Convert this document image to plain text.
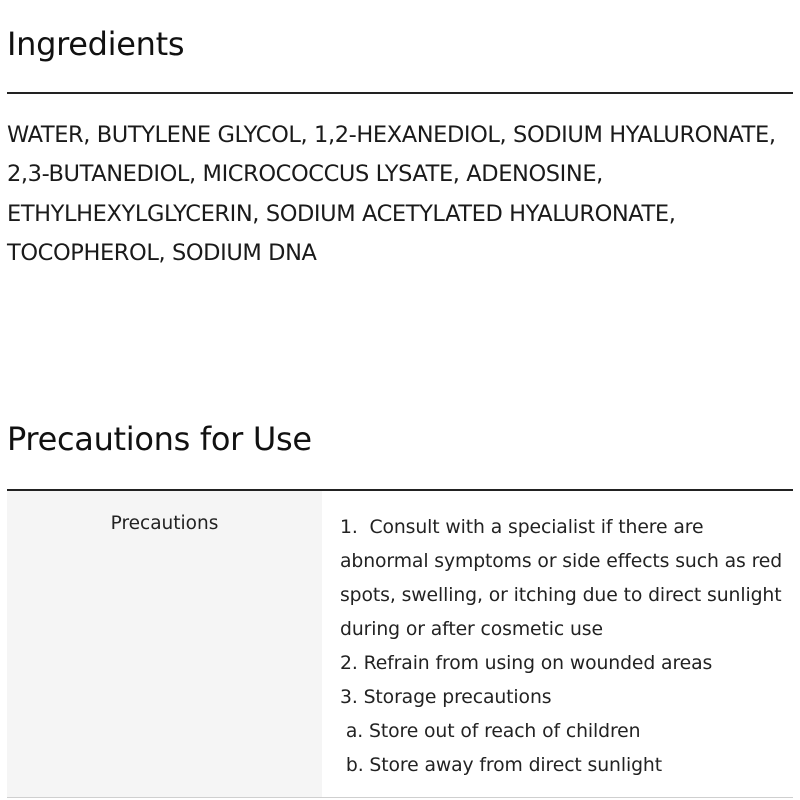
Ingredients

WATER, BUTYLENE GLYCOL, 1,2-HEXANEDIOL, SODIUM HYALURONATE, 2,3-BUTANEDIOL, MICROCOCCUS LYSATE, ADENOSINE, ETHYLHEXYLGLYCERIN, SODIUM ACETYLATED HYALURONATE, TOCOPHEROL, SODIUM DNA

Precautions for Use
Precautions	1.  Consult with a specialist if there are
abnormal symptoms or side effects such as red
spots, swelling, or itching due to direct sunlight
during or after cosmetic use
2. Refrain from using on wounded areas
3. Storage precautions
a. Store out of reach of children
b. Store away from direct sunlight
